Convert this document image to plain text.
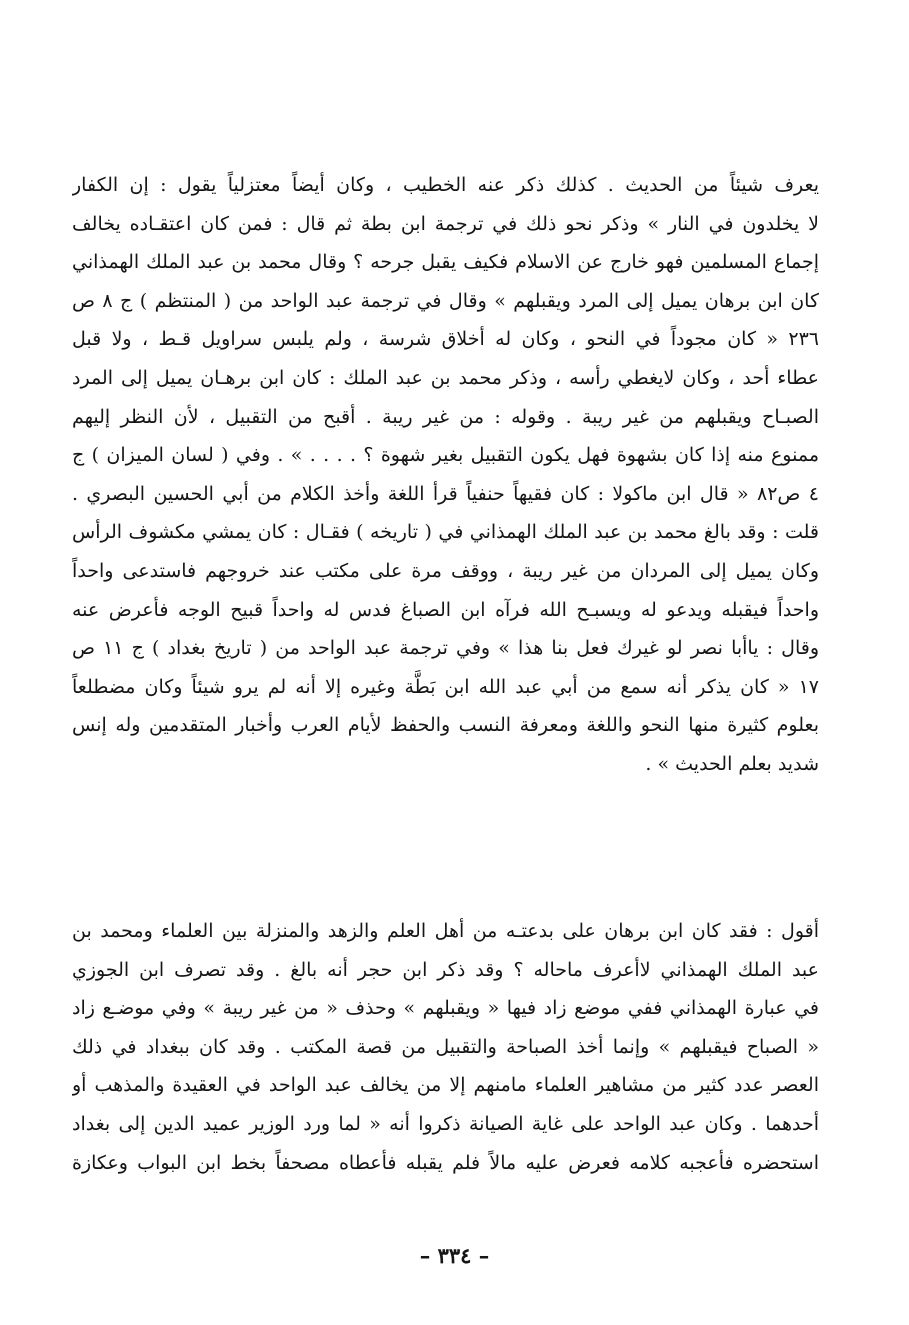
يعرف شيئاً من الحديث . كذلك ذكر عنه الخطيب ، وكان أيضاً معتزلياً يقول : إن الكفار
لا يخلدون في النار » وذكر نحو ذلك في ترجمة ابن بطة ثم قال : فمن كان اعتقـاده يخالف
إجماع المسلمين فهو خارج عن الاسلام فكيف يقبل جرحه ؟ وقال محمد بن عبد الملك الهمذاني
كان ابن برهان يميل إلى المرد ويقبلهم » وقال في ترجمة عبد الواحد من ( المنتظم ) ج ٨ ص
٢٣٦ « كان مجوداً في النحو ، وكان له أخلاق شرسة ، ولم يلبس سراويل قـط ، ولا قبل
عطاء أحد ، وكان لايغطي رأسه ، وذكر محمد بن عبد الملك : كان ابن برهـان يميل إلى المرد
الصبـاح ويقبلهم من غير ريبة . وقوله : من غير ريبة . أقبح من التقبيل ، لأن النظر إليهم
ممنوع منه إذا كان بشهوة فهل يكون التقبيل بغير شهوة ؟ . . . . » . وفي ( لسان الميزان ) ج
٤ ص٨٢ « قال ابن ماكولا : كان فقيهاً حنفياً قرأ اللغة وأخذ الكلام من أبي الحسين البصري .
قلت : وقد بالغ محمد بن عبد الملك الهمذاني في ( تاريخه ) فقـال : كان يمشي مكشوف الرأس
وكان يميل إلى المردان من غير ريبة ، ووقف مرة على مكتب عند خروجهم فاستدعى واحداً
واحداً فيقبله ويدعو له ويسبـح الله فرآه ابن الصباغ فدس له واحداً قبيح الوجه فأعرض عنه
وقال : ياأبا نصر لو غيرك فعل بنا هذا » وفي ترجمة عبد الواحد من ( تاريخ بغداد ) ج ١١ ص
١٧ « كان يذكر أنه سمع من أبي عبد الله ابن بَطَّة وغيره إلا أنه لم يرو شيئاً وكان مضطلعاً
بعلوم كثيرة منها النحو واللغة ومعرفة النسب والحفظ لأيام العرب وأخبار المتقدمين وله إنس
شديد بعلم الحديث » .
أقول : فقد كان ابن برهان على بدعتـه من أهل العلم والزهد والمنزلة بين العلماء ومحمد بن
عبد الملك الهمذاني لاأعرف ماحاله ؟ وقد ذكر ابن حجر أنه بالغ . وقد تصرف ابن الجوزي
في عبارة الهمذاني ففي موضع زاد فيها « ويقبلهم » وحذف « من غير ريبة » وفي موضـع زاد
« الصباح فيقبلهم » وإنما أخذ الصباحة والتقبيل من قصة المكتب . وقد كان ببغداد في ذلك
العصر عدد كثير من مشاهير العلماء مامنهم إلا من يخالف عبد الواحد في العقيدة والمذهب أو
أحدهما . وكان عبد الواحد على غاية الصيانة ذكروا أنه « لما ورد الوزير عميد الدين إلى بغداد
استحضره فأعجبه كلامه فعرض عليه مالاً فلم يقبله فأعطاه مصحفاً بخط ابن البواب وعكازة
– ٣٣٤ –
